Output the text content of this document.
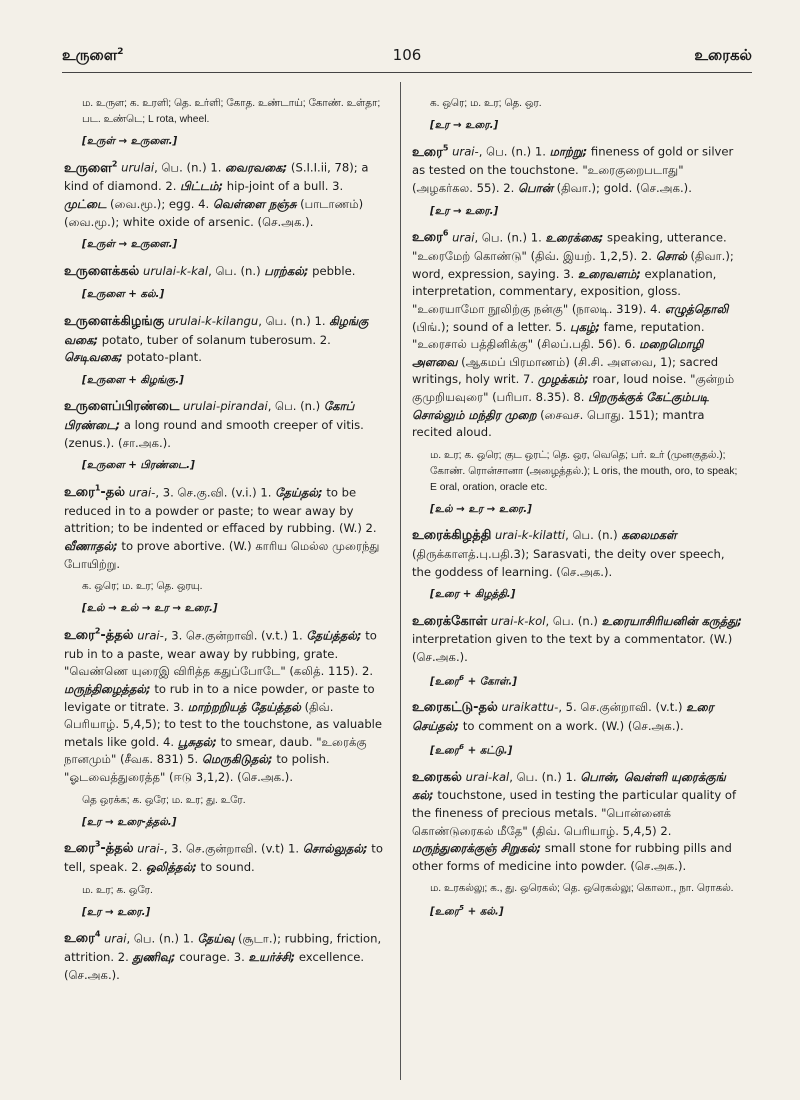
உருளை$^2$	106	உரைகல்
ம. உருள; க. உரளி; தெ. உர்ளி; கோத. உண்டாய்; கோண். உள்தா; பட. உண்டெ; L rota, wheel.
[உருள் → உருளை.]
உருளை$^2$ urulai, பெ. (n.) 1. வைரவகை; (S.I.I.ii, 78); a kind of diamond. 2. பிட்டம்; hip-joint of a bull. 3. முட்டை (வை.மூ.); egg. 4. வெள்ளை நஞ்சு (பாடாணம்) (வை.மூ.); white oxide of arsenic. (செ.அக.).
[உருள் → உருளை.]
உருளைக்கல் urulai-k-kal, பெ. (n.) பரற்கல்; pebble.
[உருளை + கல்.]
உருளைக்கிழங்கு urulai-k-kilangu, பெ. (n.) 1. கிழங்கு வகை; potato, tuber of solanum tuberosum. 2. செடிவகை; potato-plant.
[உருளை + கிழங்கு.]
உருளைப்பிரண்டை urulai-pirandai, பெ. (n.) கோப் பிரண்டை; a long round and smooth creeper of vitis. (zenus.). (சா.அக.).
[உருளை + பிரண்டை.]
உரை$^1$-தல் urai-, 3. செ.கு.வி. (v.i.) 1. தேய்தல்; to be reduced in to a powder or paste; to wear away by attrition; to be indented or effaced by rubbing. (W.) 2. வீணாதல்; to prove abortive. (W.) காரிய மெல்ல முரைந்து போயிற்று.
க. ஒரெ; ம. உர; தெ. ஒரயு.
[உல் → உல் → உர → உரை.]
உரை$^2$-த்தல் urai-, 3. செ.குன்றாவி. (v.t.) 1. தேய்த்தல்; to rub in to a paste, wear away by rubbing, grate. "வெண்ணெ யுரைஇ விரித்த கதுப்போடே" (கலித். 115). 2. மருந்திழைத்தல்; to rub in to a nice powder, or paste to levigate or titrate. 3. மாற்றறியத் தேய்த்தல் (திவ். பெரியாழ். 5,4,5); to test to the touchstone, as valuable metals like gold. 4. பூசுதல்; to smear, daub. "உரைக்கு நானமும்" (சீவக. 831) 5. மெருகிடுதல்; to polish. "ஓடவைத்துரைத்த" (ஈடு 3,1,2). (செ.அக.).
தெ ஒரக்க; க. ஒரே; ம. உர; து. உரே.
[உர → உரை-த்தல்.]
உரை$^3$-த்தல் urai-, 3. செ.குன்றாவி. (v.t) 1. சொல்லுதல்; to tell, speak. 2. ஒலித்தல்; to sound.
ம. உர; க. ஒரே.
[உர → உரை.]
உரை$^4$ urai, பெ. (n.) 1. தேய்வு (சூடா.); rubbing, friction, attrition. 2. துணிவு; courage. 3. உயர்ச்சி; excellence. (செ.அக.).
க. ஒரெ; ம. உர; தெ. ஒர.
[உர → உரை.]
உரை$^5$ urai-, பெ. (n.) 1. மாற்று; fineness of gold or silver as tested on the touchstone. "உரைகுறைபடாது" (அழகர்கல. 55). 2. பொன் (திவா.); gold. (செ.அக.).
[உர → உரை.]
உரை$^6$ urai, பெ. (n.) 1. உரைக்கை; speaking, utterance. "உரைமேற் கொண்டு" (திவ். இயற். 1,2,5). 2. சொல் (திவா.); word, expression, saying. 3. உரைவளம்; explanation, interpretation, commentary, exposition, gloss. "உரையாமோ நூலிற்கு நன்கு" (நாலடி. 319). 4. எழுத்தொலி (பிங்.); sound of a letter. 5. புகழ்; fame, reputation. "உரைசால் பத்தினிக்கு" (சிலப்.பதி. 56). 6. மறைமொழி அளவை (ஆகமப் பிரமாணம்) (சி.சி. அளவை, 1); sacred writings, holy writ. 7. முழக்கம்; roar, loud noise. "குன்றம் குமுறியவுரை" (பரிபா. 8.35). 8. பிறருக்குக் கேட்கும்படி சொல்லும் மந்திர முறை (சைவச. பொது. 151); mantra recited aloud.
ம. உர; க. ஒரெ; குட ஒரட்; தெ. ஒர, வெதெ; பர். உர் (முனகுதல்.); கோண். ரொன்சானா (அழைத்தல்.); L oris, the mouth, oro, to speak; E oral, oration, oracle etc.
[உல் → உர → உரை.]
உரைக்கிழத்தி urai-k-kilatti, பெ. (n.) கலைமகள் (திருக்காளத்.பு.பதி.3); Sarasvati, the deity over speech, the goddess of learning. (செ.அக.).
[உரை + கிழத்தி.]
உரைக்கோள் urai-k-kol, பெ. (n.) உரையாசிரியனின் கருத்து; interpretation given to the text by a commentator. (W.) (செ.அக.).
[உரை$^6$ + கோள்.]
உரைகட்டு-தல் uraikattu-, 5. செ.குன்றாவி. (v.t.) உரை செய்தல்; to comment on a work. (W.) (செ.அக.).
[உரை$^6$ + கட்டு.]
உரைகல் urai-kal, பெ. (n.) 1. பொன், வெள்ளி யுரைக்குங் கல்; touchstone, used in testing the particular quality of the fineness of precious metals. "பொன்னைக் கொண்டுரைகல் மீதே" (திவ். பெரியாழ். 5,4,5) 2. மருந்துரைக்குஞ் சிறுகல்; small stone for rubbing pills and other forms of medicine into powder. (செ.அக.).
ம. உரகல்லு; க., து. ஒரெகல்; தெ. ஒரெகல்லு; கொலா., நா. ரொகல்.
[உரை$^5$ + கல்.]
